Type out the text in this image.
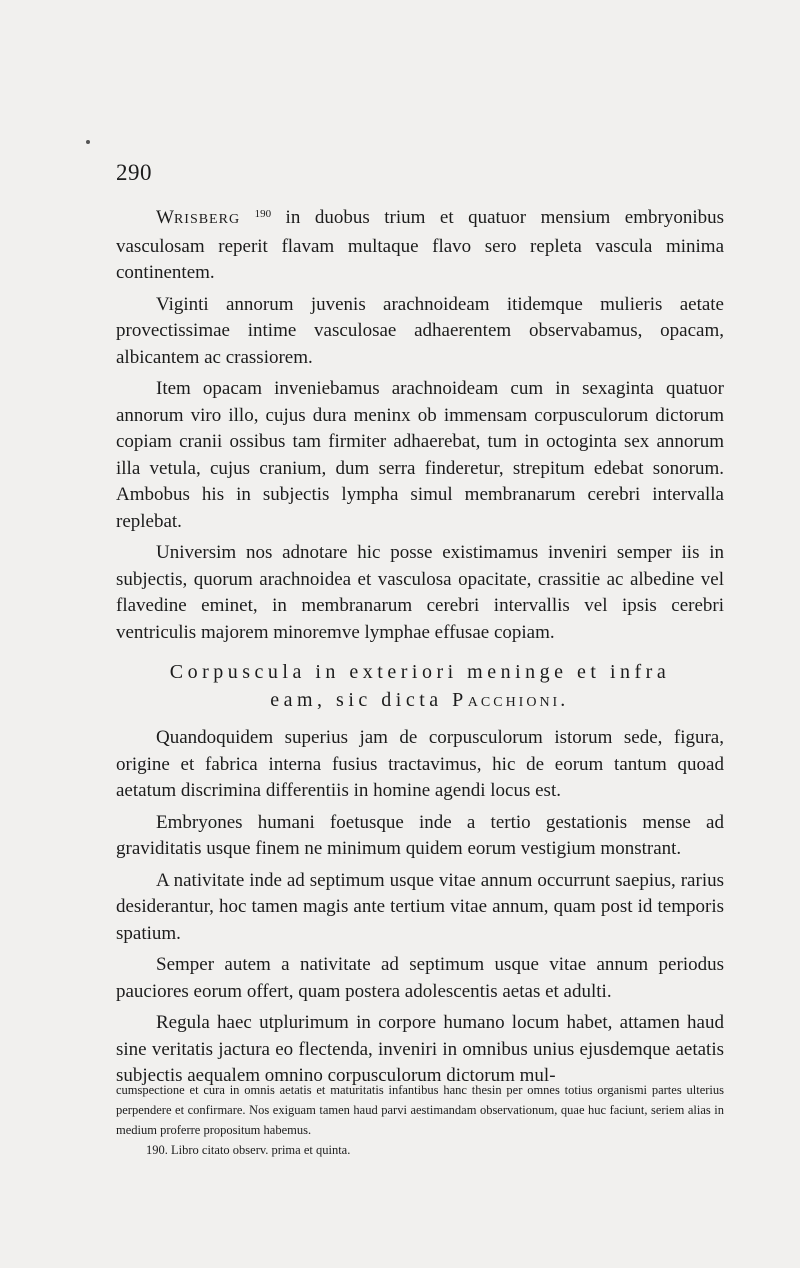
290

WRISBERG $^{190}$ in duobus trium et quatuor mensium embryonibus vasculosam reperit flavam multaque flavo sero repleta vascula minima continentem.

Viginti annorum juvenis arachnoideam itidemque mulieris aetate provectissimae intime vasculosae adhaerentem observabamus, opacam, albicantem ac crassiorem.

Item opacam inveniebamus arachnoideam cum in sexaginta quatuor annorum viro illo, cujus dura meninx ob immensam corpusculorum dictorum copiam cranii ossibus tam firmiter adhaerebat, tum in octoginta sex annorum illa vetula, cujus cranium, dum serra finderetur, strepitum edebat sonorum. Ambobus his in subjectis lympha simul membranarum cerebri intervalla replebat.

Universim nos adnotare hic posse existimamus inveniri semper iis in subjectis, quorum arachnoidea et vasculosa opacitate, crassitie ac albedine vel flavedine eminet, in membranarum cerebri intervallis vel ipsis cerebri ventriculis majorem minoremve lymphae effusae copiam.

Corpuscula in exteriori meninge et infra
eam, sic dicta PACCHIONI.

Quandoquidem superius jam de corpusculorum istorum sede, figura, origine et fabrica interna fusius tractavimus, hic de eorum tantum quoad aetatum discrimina differentiis in homine agendi locus est.

Embryones humani foetusque inde a tertio gestationis mense ad graviditatis usque finem ne minimum quidem eorum vestigium monstrant.

A nativitate inde ad septimum usque vitae annum occurrunt saepius, rarius desiderantur, hoc tamen magis ante tertium vitae annum, quam post id temporis spatium.

Semper autem a nativitate ad septimum usque vitae annum periodus pauciores eorum offert, quam postera adolescentis aetas et adulti.

Regula haec utplurimum in corpore humano locum habet, attamen haud sine veritatis jactura eo flectenda, inveniri in omnibus unius ejusdemque aetatis subjectis aequalem omnino corpusculorum dictorum mul-

cumspectione et cura in omnis aetatis et maturitatis infantibus hanc thesin per omnes totius organismi partes ulterius perpendere et confirmare. Nos exiguam tamen haud parvi aestimandam observationum, quae huc faciunt, seriem alias in medium proferre propositum habemus.

190. Libro citato observ. prima et quinta.
